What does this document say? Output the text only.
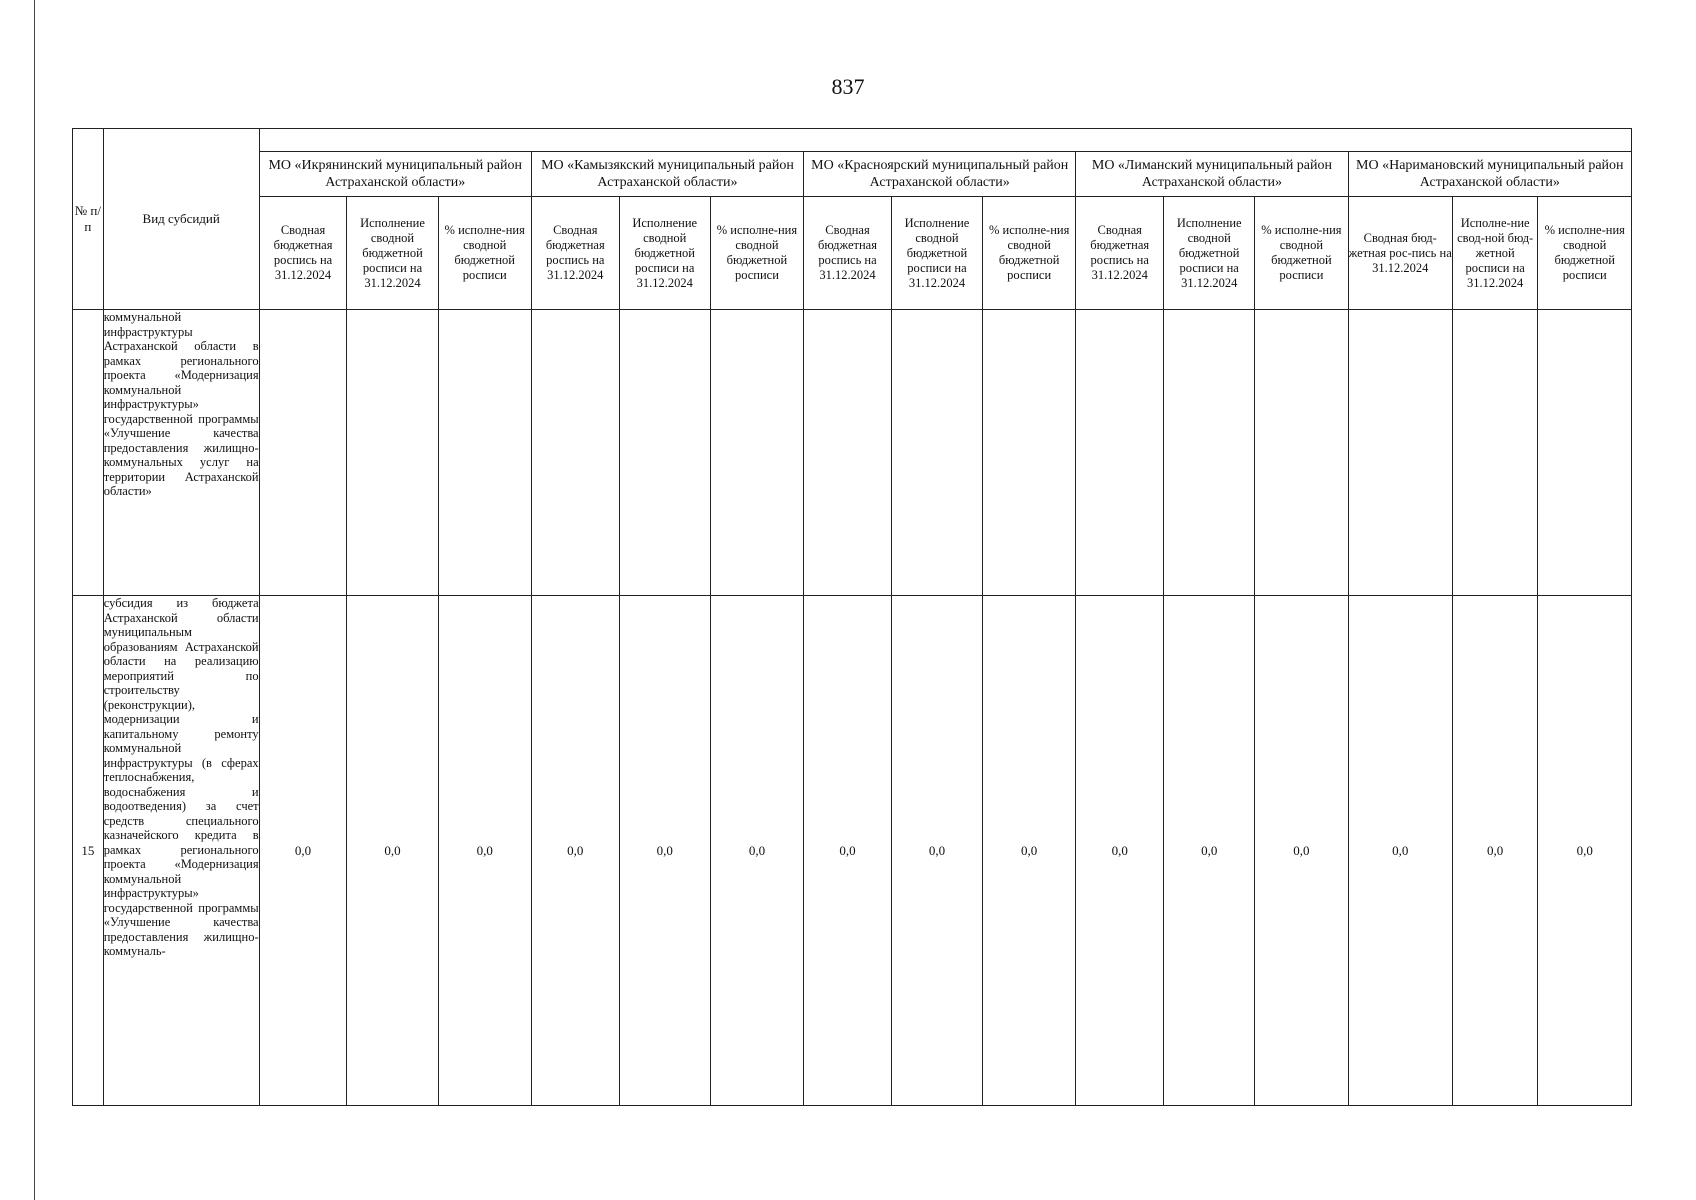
837
№ п/п	Вид субсидий															
		МО «Икрянинский муниципальный район Астраханской области»			МО «Камызякский муниципальный район Астраханской области»			МО «Красноярский муниципальный район Астраханской области»			МО «Лиманский муниципальный район Астраханской области»			МО «Наримановский муниципальный район Астраханской области»		
		Сводная бюджетная роспись на 31.12.2024	Исполнение сводной бюджетной росписи на 31.12.2024	% исполне-ния сводной бюджетной росписи	Сводная бюджетная роспись на 31.12.2024	Исполнение сводной бюджетной росписи на 31.12.2024	% исполне-ния сводной бюджетной росписи	Сводная бюджетная роспись на 31.12.2024	Исполнение сводной бюджетной росписи на 31.12.2024	% исполне-ния сводной бюджетной росписи	Сводная бюджетная роспись на 31.12.2024	Исполнение сводной бюджетной росписи на 31.12.2024	% исполне-ния сводной бюджетной росписи	Сводная бюд-жетная рос-пись на 31.12.2024	Исполне-ние свод-ной бюд-жетной росписи на 31.12.2024	% исполне-ния сводной бюджетной росписи
	коммунальной инфраструктуры Астраханской области в рамках регионального проекта «Модернизация коммунальной инфраструктуры» государственной программы «Улучшение качества предоставления жилищно-коммунальных услуг на территории Астраханской области»															
15	субсидия из бюджета Астраханской области муниципальным образованиям Астраханской области на реализацию мероприятий по строительству (реконструкции), модернизации и капитальному ремонту коммунальной инфраструктуры (в сферах теплоснабжения, водоснабжения и водоотведения) за счет средств специального казначейского кредита в рамках регионального проекта «Модернизация коммунальной инфраструктуры» государственной программы «Улучшение качества предоставления жилищно-коммуналь-	0,0	0,0	0,0	0,0	0,0	0,0	0,0	0,0	0,0	0,0	0,0	0,0	0,0	0,0	0,0
